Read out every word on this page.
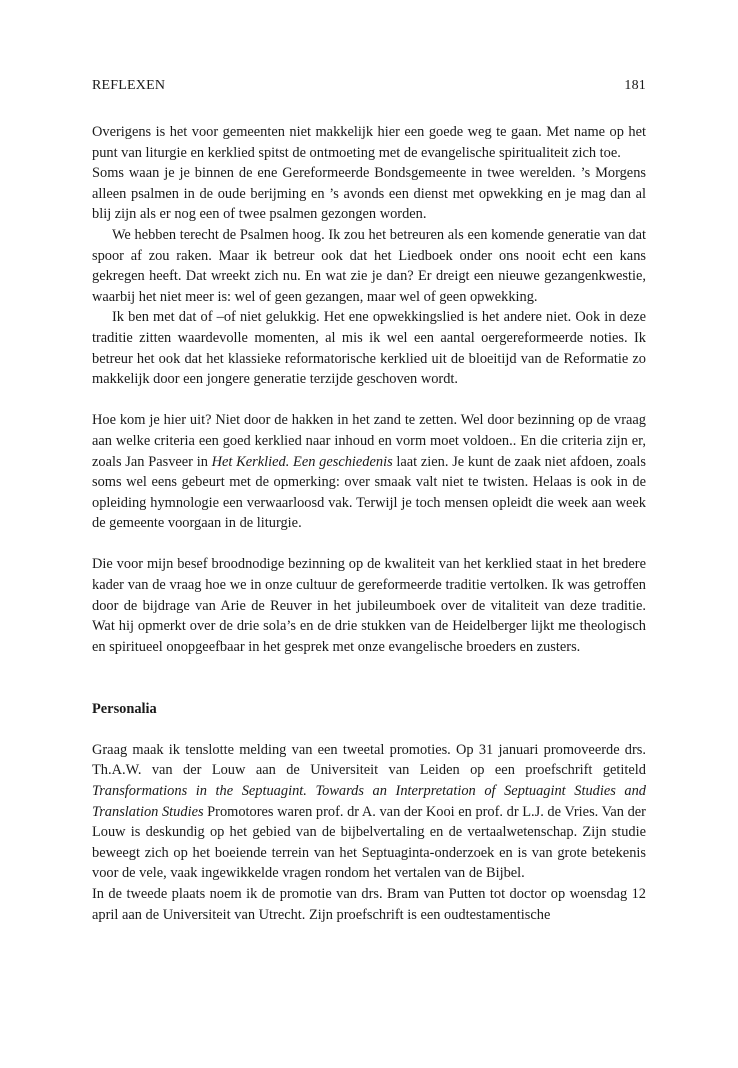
REFLEXEN	181

Overigens is het voor gemeenten niet makkelijk hier een goede weg te gaan. Met name op het punt van liturgie en kerklied spitst de ontmoeting met de evangelische spiritualiteit zich toe.

Soms waan je je binnen de ene Gereformeerde Bondsgemeente in twee werelden. ’s Morgens alleen psalmen in de oude berijming en ’s avonds een dienst met opwekking en je mag dan al blij zijn als er nog een of twee psalmen gezongen worden.

We hebben terecht de Psalmen hoog. Ik zou het betreuren als een komende generatie van dat spoor af zou raken. Maar ik betreur ook dat het Liedboek onder ons nooit echt een kans gekregen heeft. Dat wreekt zich nu. En wat zie je dan? Er dreigt een nieuwe gezangenkwestie, waarbij het niet meer is: wel of geen gezangen, maar wel of geen opwekking.

Ik ben met dat of –of niet gelukkig. Het ene opwekkingslied is het andere niet. Ook in deze traditie zitten waardevolle momenten, al mis ik wel een aantal oergereformeerde noties. Ik betreur het ook dat het klassieke reformatorische kerklied uit de bloeitijd van de Reformatie zo makkelijk door een jongere generatie terzijde geschoven wordt.

Hoe kom je hier uit? Niet door de hakken in het zand te zetten. Wel door bezinning op de vraag aan welke criteria een goed kerklied naar inhoud en vorm moet voldoen.. En die criteria zijn er, zoals Jan Pasveer in Het Kerklied. Een geschiedenis laat zien. Je kunt de zaak niet afdoen, zoals soms wel eens gebeurt met de opmerking: over smaak valt niet te twisten. Helaas is ook in de opleiding hymnologie een verwaarloosd vak. Terwijl je toch mensen opleidt die week aan week de gemeente voorgaan in de liturgie.

Die voor mijn besef broodnodige bezinning op de kwaliteit van het kerklied staat in het bredere kader van de vraag hoe we in onze cultuur de gereformeerde traditie vertolken. Ik was getroffen door de bijdrage van Arie de Reuver in het jubileumboek over de vitaliteit van deze traditie. Wat hij opmerkt over de drie sola’s en de drie stukken van de Heidelberger lijkt me theologisch en spiritueel onopgeefbaar in het gesprek met onze evangelische broeders en zusters.

Personalia

Graag maak ik tenslotte melding van een tweetal promoties. Op 31 januari promoveerde drs. Th.A.W. van der Louw aan de Universiteit van Leiden op een proefschrift getiteld Transformations in the Septuagint. Towards an Interpretation of Septuagint Studies and Translation Studies Promotores waren prof. dr A. van der Kooi en prof. dr L.J. de Vries. Van der Louw is deskundig op het gebied van de bijbelvertaling en de vertaalwetenschap. Zijn studie beweegt zich op het boeiende terrein van het Septuaginta-onderzoek en is van grote betekenis voor de vele, vaak ingewikkelde vragen rondom het vertalen van de Bijbel.

In de tweede plaats noem ik de promotie van drs. Bram van Putten tot doctor op woensdag 12 april aan de Universiteit van Utrecht. Zijn proefschrift is een oudtestamentische
